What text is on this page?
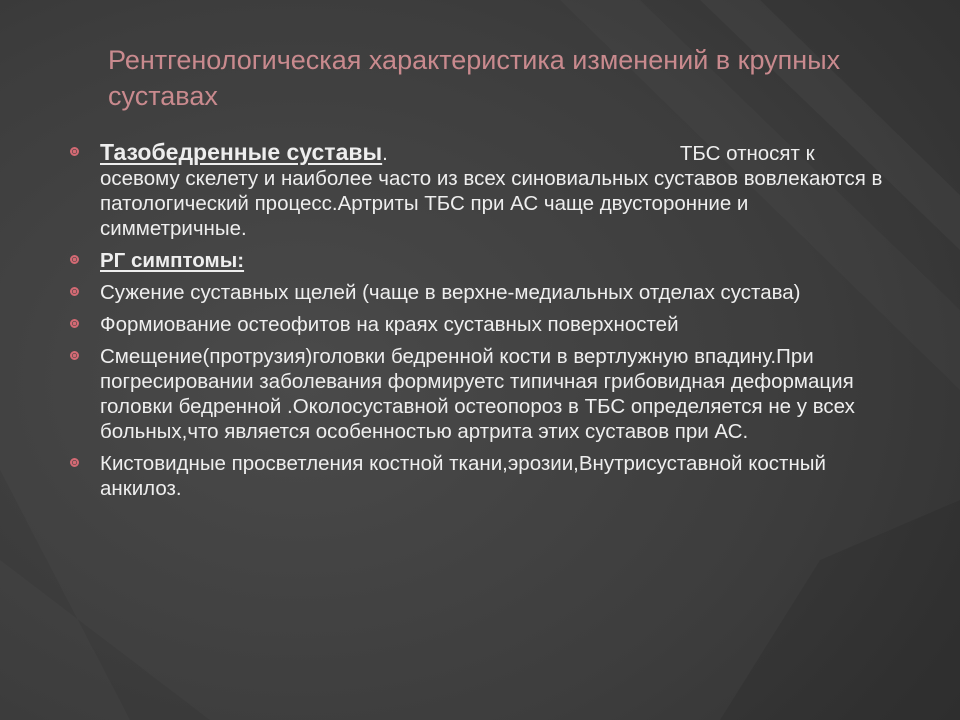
Рентгенологическая характеристика изменений в крупных суставах
Тазобедренные суставы.	ТБС относят к осевому скелету и наиболее часто из всех синовиальных суставов вовлекаются в патологический процесс.Артриты ТБС при АС чаще двусторонние и симметричные.
РГ симптомы:
Сужение суставных щелей (чаще в верхне-медиальных отделах сустава)
Формиование остеофитов на краях суставных поверхностей
Смещение(протрузия)головки бедренной кости в вертлужную впадину.При погресировании заболевания формируетс типичная грибовидная деформация головки бедренной .Околосуставной остеопороз в ТБС определяется не у всех больных,что является особенностью артрита этих суставов при АС.
Кистовидные просветления костной ткани,эрозии,Внутрисуставной костный анкилоз.
